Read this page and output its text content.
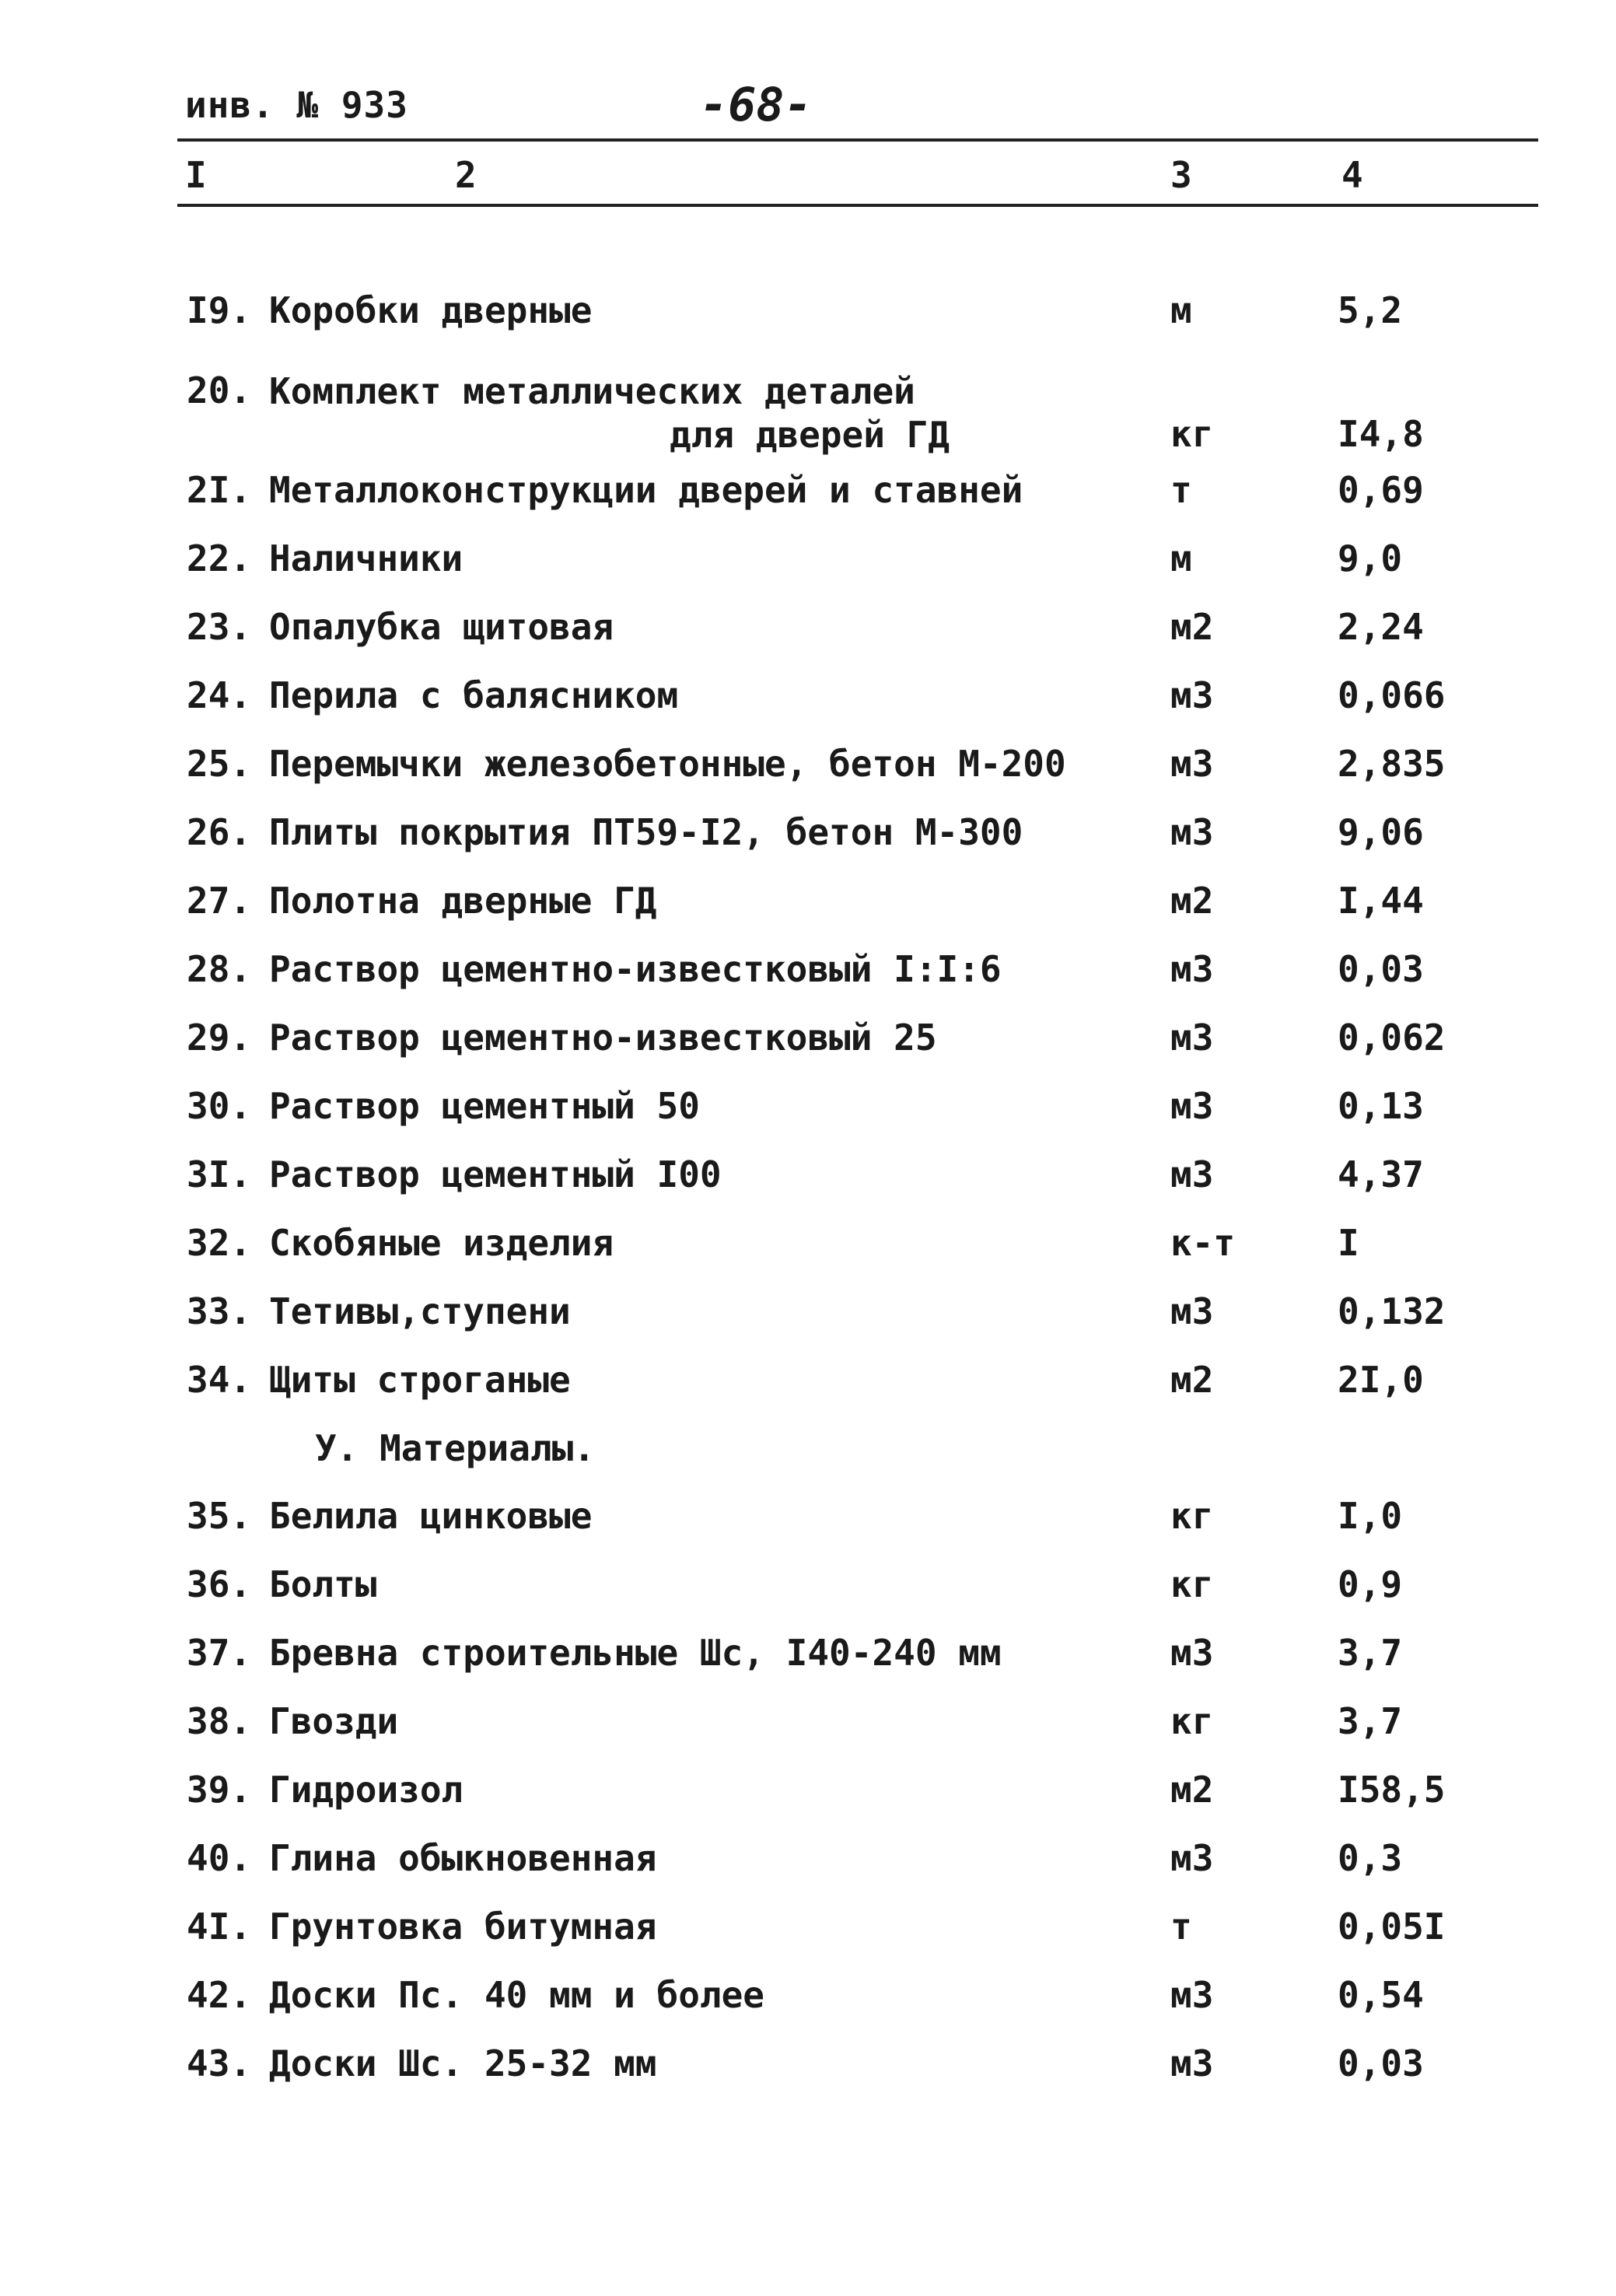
инв. № 933	-68-
I	2	3	4
I9. Коробки дверные	м	5,2
20. Комплект металлических деталей
для дверей ГД	кг	I4,8
2I. Металлоконструкции дверей и ставней	т	0,69
22. Наличники	м	9,0
23. Опалубка щитовая	м2	2,24
24. Перила с балясником	м3	0,066
25. Перемычки железобетонные, бетон М-200	м3	2,835
26. Плиты покрытия ПТ59-I2, бетон М-300	м3	9,06
27. Полотна дверные ГД	м2	I,44
28. Раствор цементно-известковый I:I:6	м3	0,03
29. Раствор цементно-известковый 25	м3	0,062
30. Раствор цементный 50	м3	0,13
3I. Раствор цементный I00	м3	4,37
32. Скобяные изделия	к-т	I
33. Тетивы,ступени	м3	0,132
34. Щиты строганые	м2	2I,0
У. Материалы.
35. Белила цинковые	кг	I,0
36. Болты	кг	0,9
37. Бревна строительные Шс, I40-240 мм	м3	3,7
38. Гвозди	кг	3,7
39. Гидроизол	м2	I58,5
40. Глина обыкновенная	м3	0,3
4I. Грунтовка битумная	т	0,05I
42. Доски Пс. 40 мм и более	м3	0,54
43. Доски Шс. 25-32 мм	м3	0,03
